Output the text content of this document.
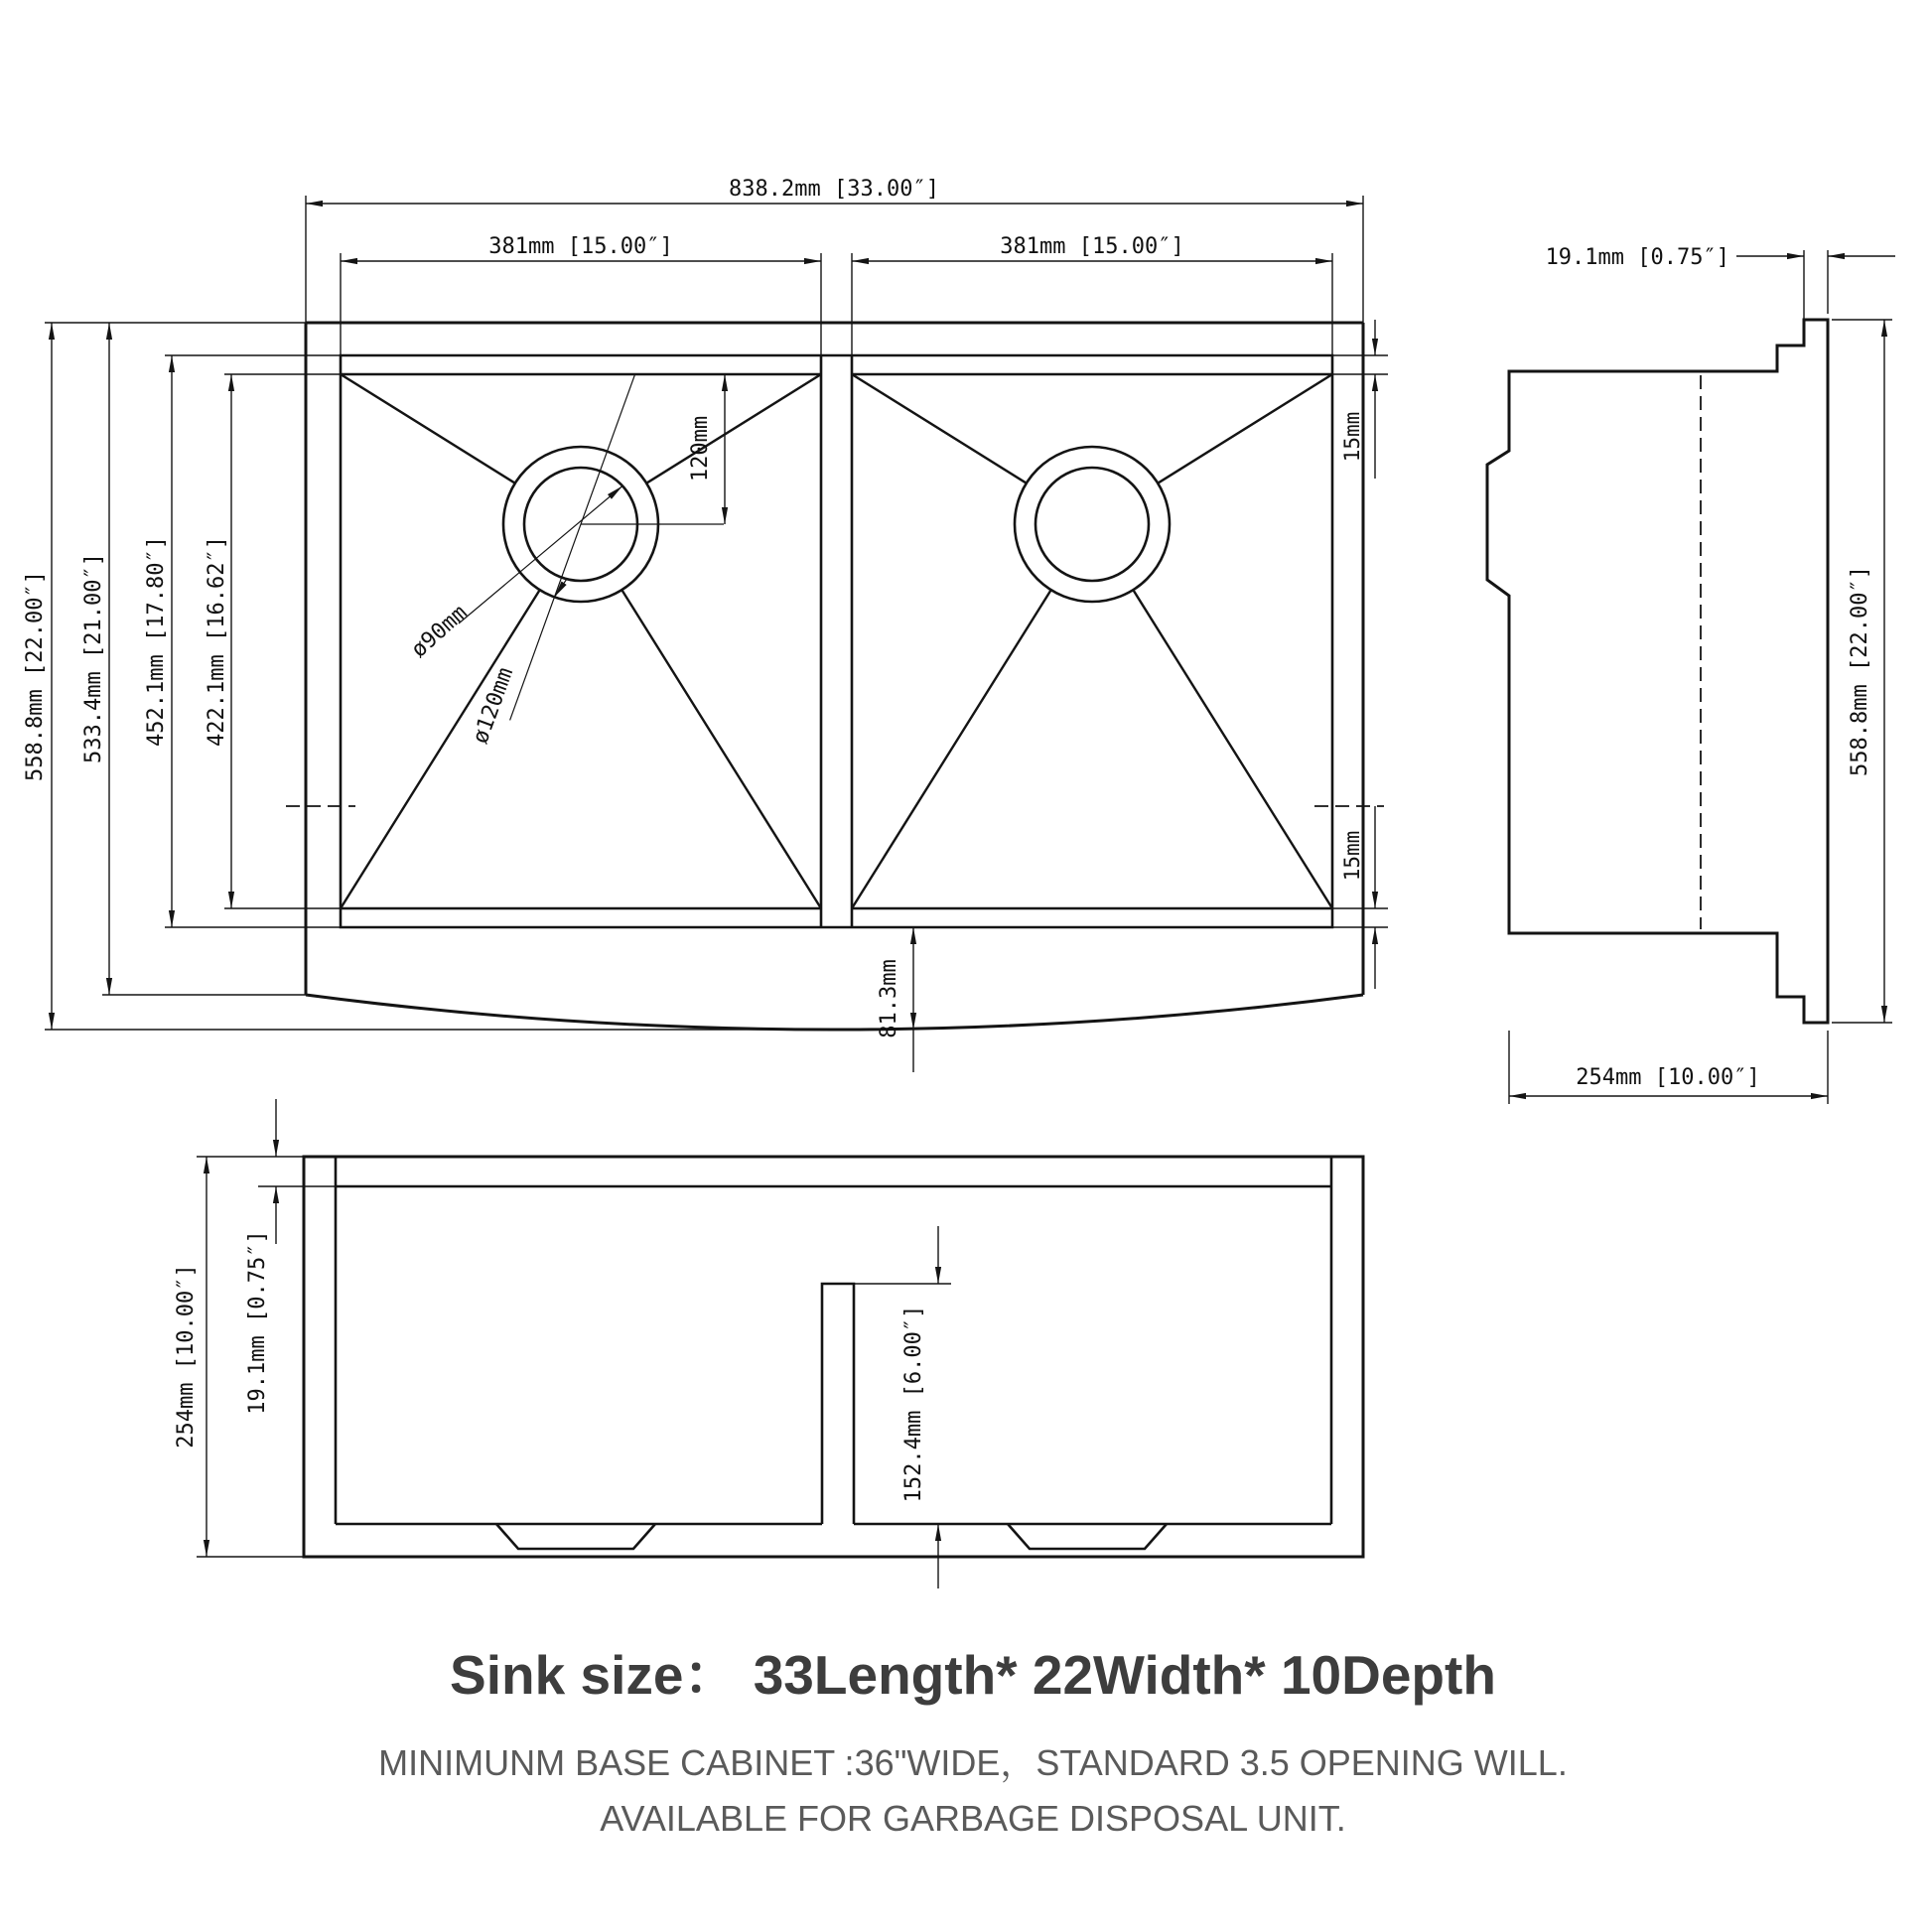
838.2mm [33.00″]
381mm [15.00″]	381mm [15.00″]
558.8mm [22.00″] 533.4mm [21.00″] 452.1mm [17.80″] 422.1mm [16.62″]
120mm
ø90mm
ø120mm
15mm
15mm
81.3mm
19.1mm [0.75″]
558.8mm [22.00″]
254mm [10.00″]
254mm [10.00″] 19.1mm [0.75″]	152.4mm [6.00″]
Sink size： 33Length* 22Width* 10Depth
MINIMUNM BASE CABINET :36"WIDE，STANDARD 3.5 OPENING WILL.
AVAILABLE FOR GARBAGE DISPOSAL UNIT.
